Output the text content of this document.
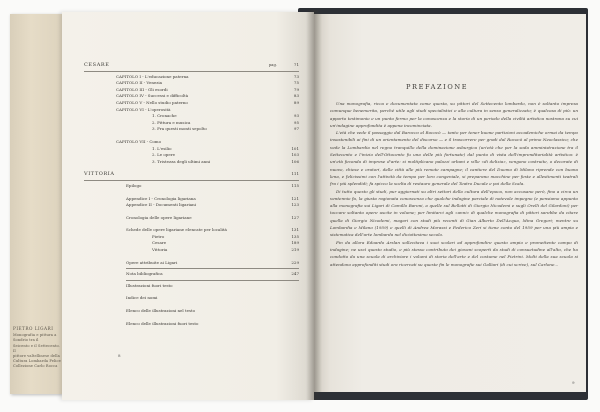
PIETRO LIGARI
Monografia e pittura a Sondrio tra il
Seicento e il Settecento. Il
pittore valtellinese della
Cultura Lombarda Felice
Collezione Carlo Rocca
CESARE	pag.	71
CAPITOLO I - L'educazione paterna	73
CAPITOLO II - Venezia	75
CAPITOLO III - Gli esordi	79
CAPITOLO IV - Successi e difficoltà	83
CAPITOLO V - Nello studio paterno	89
CAPITOLO VI - L'operosità
1. Cronache	93
2. Pittura e musica	95
3. Fra questi monti sepolto	97
CAPITOLO VII - Como
1. L'esilio	101
2. Le opere	103
3. Tristezza degli ultimi anni	106
VITTORIA	111
Epilogo	115
Appendice I - Cronologia ligariana	121
Appendice II - Documenti ligariani	123
Cronologia delle opere ligariane	127
Schede delle opere ligariane elencate per località	131
Pietro	135
Cesare	189
Vittoria	219
Opere attribuite ai Ligari	229
Nota bibliografica	247
Illustrazioni fuori testo
Indice dei nomi
Elenco delle illustrazioni nel testo
Elenco delle illustrazioni fuori testo
8
PREFAZIONE

Una monografia, ricca e documentata come questa, su pittori del Settecento lombardo, non è soltanto impresa comunque benemerita, perché utile agli studi specialistici e alla cultura in senso generalizzato; è qualcosa di più: un apporto testimonio e un punto fermo per la conoscenza e la storia di un periodo della civiltà artistica nostrana su cui un'indagine approfondita è appena incominciata.

L'età che vede il passaggio dal Barocco al Rococò — tanto per tener buone partizioni accademiche ormai da tempo insostenibili ai fini di un orientamento del discorso — e il trascorrere per gradi dal Rococò al primo Neoclassico; che vede la Lombardia nel regno tranquillo della dominazione asburgica (un'età che per la soda amministrazione tra il Settecento e l'inizio dell'Ottocento fu una delle più fortunate) dal punto di vista dell'imprenditorialità artistica: è un'età feconda di imprese d'arte: si moltiplicano palazzi urbani e ville «di delizia», vengono costruite, o decorate di nuovo, chiese e oratori, dalle città alle più remote campagne; il cantiere del Duomo di Milano riprende con buona lena, e felicissimi con l'attività da tempo per loro congeniale, si preparano macchine per feste e allestimenti teatrali fra i più splendidi; fa spicco la scelta di restauro generale del Teatro Ducale e poi della Scala.

Di tutto questo gli studi, pur aggiornati su altri settori della cultura dell'epoca, non accusano però, fino a circa un ventennio fa, la giusta ragionata conoscenza che qualche indagine parziale di notevole impegno (e pensiamo appunto alla monografia sui Ligari di Camillo Baroni, a quelle sul Bellotti di Giorgio Nicodemi e sugli Orelli del Gilardoni) per toccare soltanto opere uscite in volume; per limitarci agli «anni» di qualche monografia di pittori sarebbe da citare quella di Giorgio Nicodemi, magari con studi più recenti di Gian Alberto Dell'Acqua, Mina Gregori; mentre su Lombardia e Milano (1959) e quelli di Andrea Morassi e Federico Zeri si tiene conto del 1959 per una più ampia e sistematica dell'arte lombarda nel diciottesimo secolo.

Fin da allora Edoardo Arslan sollecitava i suoi scolari ad approfondire questo ampio e promettente campo di indagine; ne uscì questo studio, e più stesso contributo dei giovani scoperti da studi di consuetudine all'alto, che ha condotto da una scuola di archiviare i volumi di storia dell'arte e del costume nel Pietrini. Molti della sua scuola si attendono approfonditi studi ora ricercati su queste fin le monografie sui Galliari (di cui scrive), sul Carlone...

9
